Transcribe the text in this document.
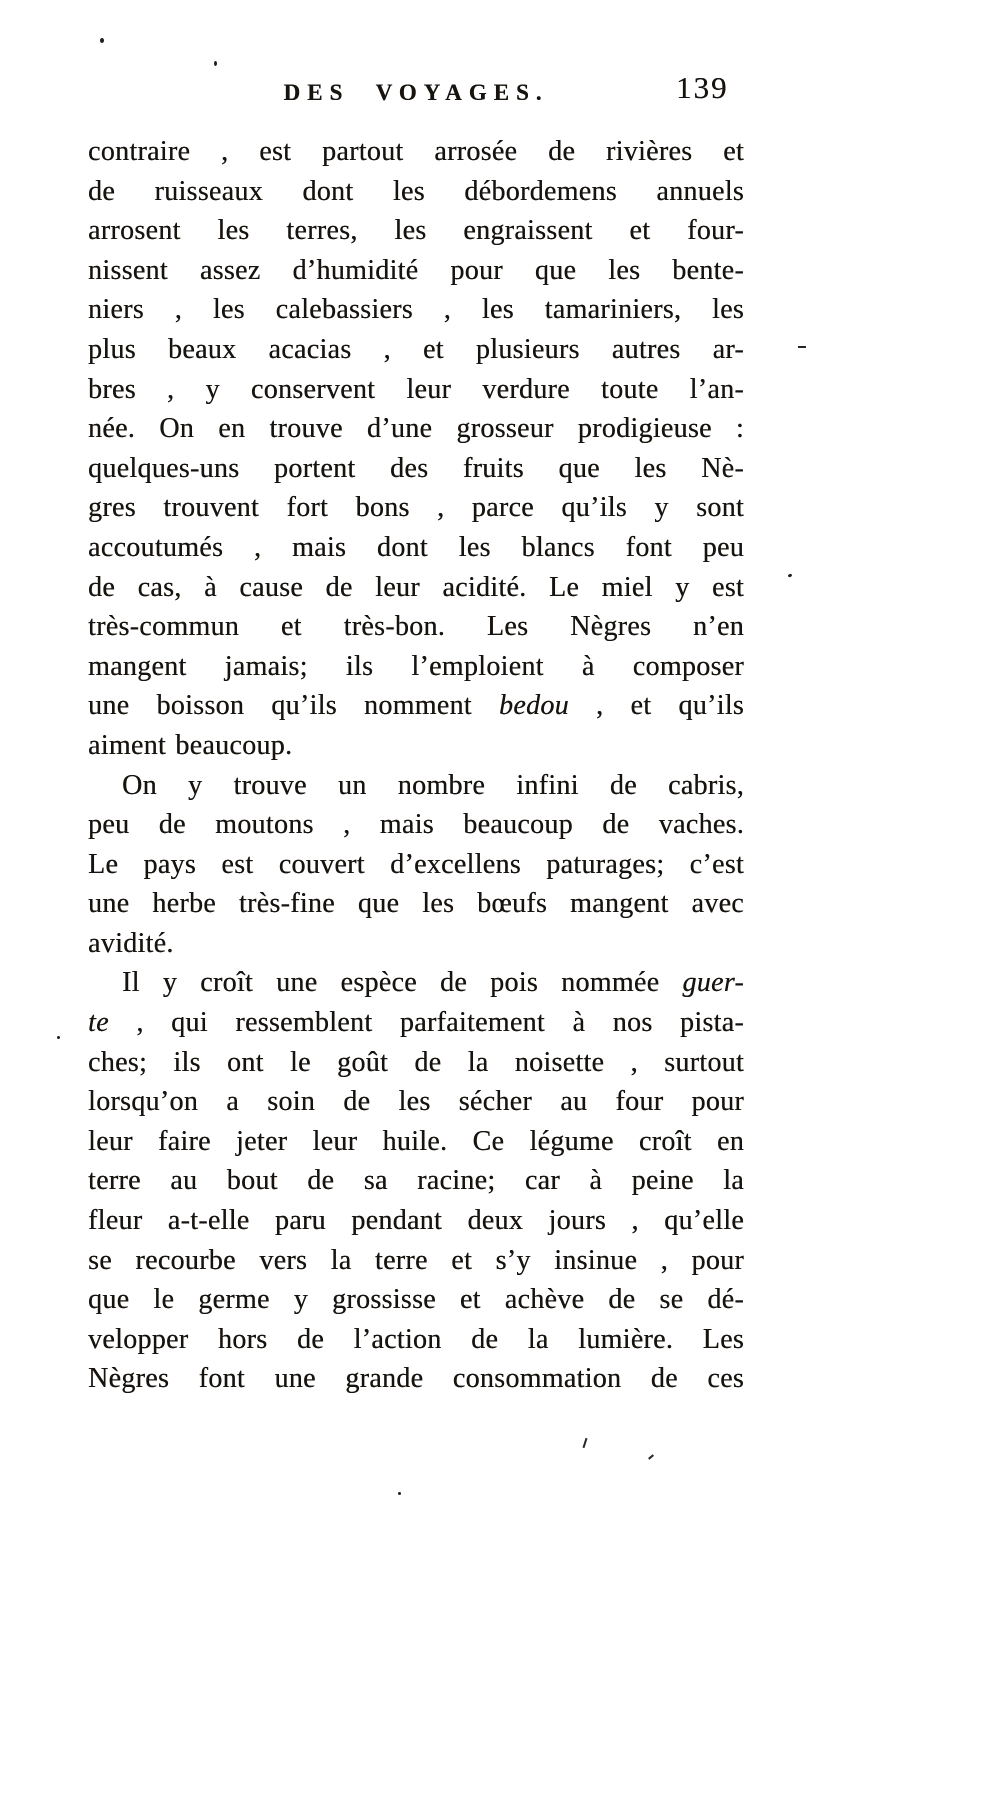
DES VOYAGES.	139
contraire , est partout arrosée de rivières et
de ruisseaux dont les débordemens annuels
arrosent les terres, les engraissent et four-
nissent assez d’humidité pour que les bente-
niers , les calebassiers , les tamariniers, les
plus beaux acacias , et plusieurs autres ar-
bres , y conservent leur verdure toute l’an-
née. On en trouve d’une grosseur prodigieuse :
quelques-uns portent des fruits que les Nè-
gres trouvent fort bons , parce qu’ils y sont
accoutumés , mais dont les blancs font peu
de cas, à cause de leur acidité. Le miel y est
très-commun et très-bon. Les Nègres n’en
mangent jamais; ils l’emploient à composer
une boisson qu’ils nomment bedou , et qu’ils
aiment beaucoup.
On y trouve un nombre infini de cabris,
peu de moutons , mais beaucoup de vaches.
Le pays est couvert d’excellens paturages; c’est
une herbe très-fine que les bœufs mangent avec
avidité.
Il y croît une espèce de pois nommée guer-
te , qui ressemblent parfaitement à nos pista-
ches; ils ont le goût de la noisette , surtout
lorsqu’on a soin de les sécher au four pour
leur faire jeter leur huile. Ce légume croît en
terre au bout de sa racine; car à peine la
fleur a-t-elle paru pendant deux jours , qu’elle
se recourbe vers la terre et s’y insinue , pour
que le germe y grossisse et achève de se dé-
velopper hors de l’action de la lumière. Les
Nègres font une grande consommation de ces
